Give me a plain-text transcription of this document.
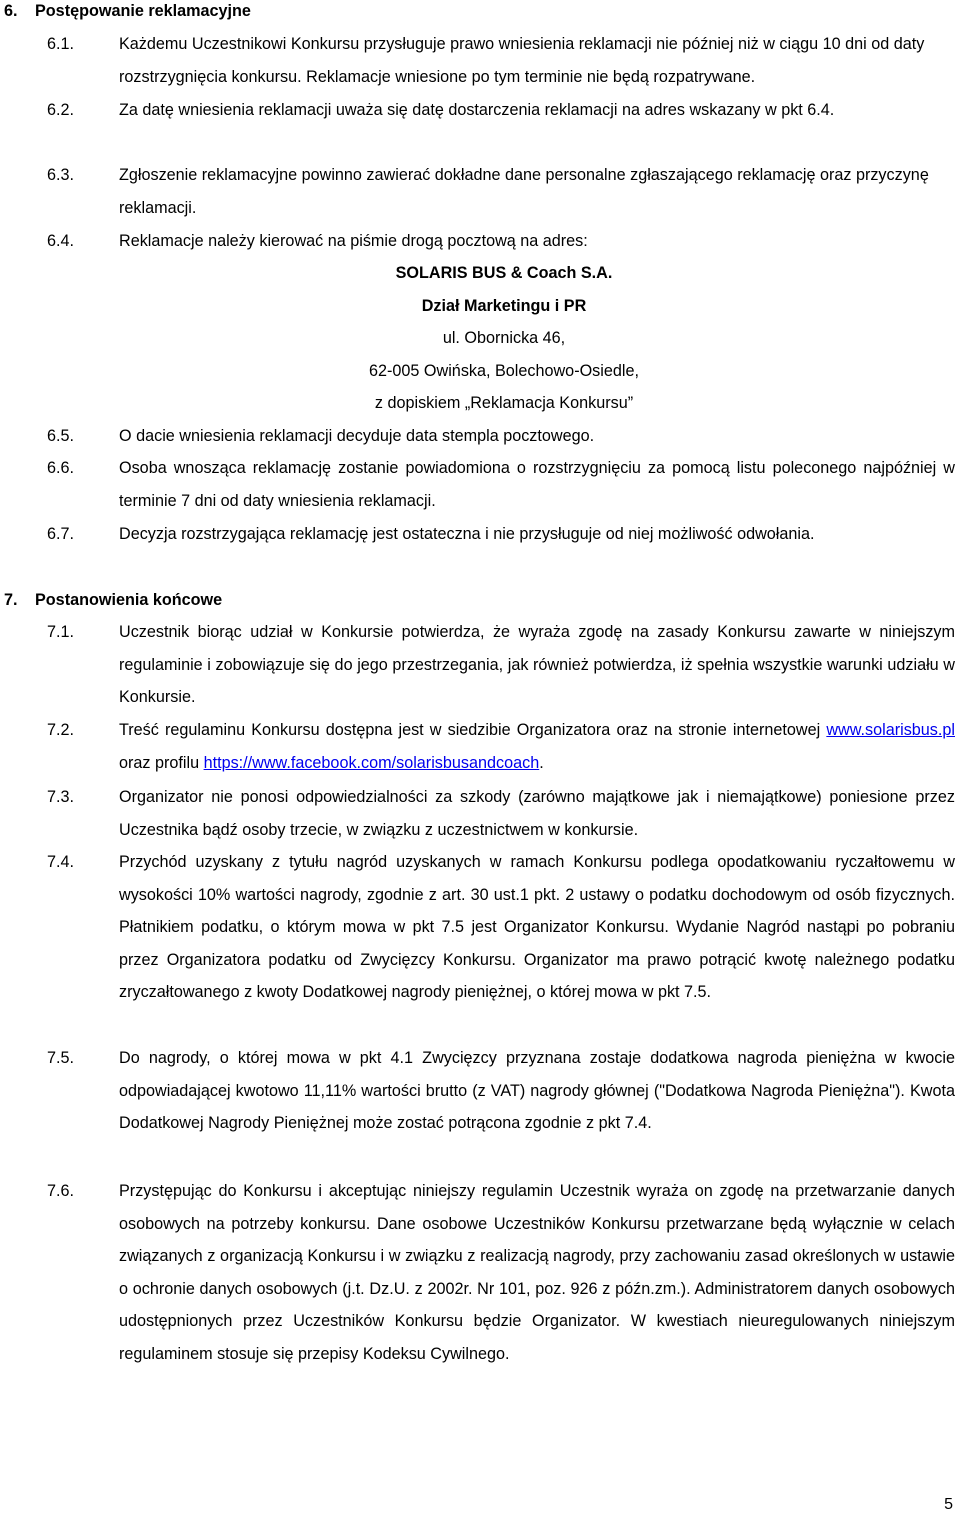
6. Postępowanie reklamacyjne
6.1.	Każdemu Uczestnikowi Konkursu przysługuje prawo wniesienia reklamacji nie później niż w ciągu 10 dni od daty rozstrzygnięcia konkursu. Reklamacje wniesione po tym terminie nie będą rozpatrywane.
6.2.	Za datę wniesienia reklamacji uważa się datę dostarczenia reklamacji na adres wskazany w pkt 6.4.
6.3.	Zgłoszenie reklamacyjne powinno zawierać dokładne dane personalne zgłaszającego reklamację oraz przyczynę reklamacji.
6.4.	Reklamacje należy kierować na piśmie drogą pocztową na adres:
SOLARIS BUS & Coach S.A.
Dział Marketingu i PR
ul. Obornicka 46,
62-005 Owińska, Bolechowo-Osiedle,
z dopiskiem „Reklamacja Konkursu”
6.5.	O dacie wniesienia reklamacji decyduje data stempla pocztowego.
6.6.	Osoba wnosząca reklamację zostanie powiadomiona o rozstrzygnięciu za pomocą listu poleconego najpóźniej w terminie 7 dni od daty wniesienia reklamacji.
6.7.	Decyzja rozstrzygająca reklamację jest ostateczna i nie przysługuje od niej możliwość odwołania.
7. Postanowienia końcowe
7.1.	Uczestnik biorąc udział w Konkursie potwierdza, że wyraża zgodę na zasady Konkursu zawarte w niniejszym regulaminie i zobowiązuje się do jego przestrzegania, jak również potwierdza, iż spełnia wszystkie warunki udziału w Konkursie.
7.2.	Treść regulaminu Konkursu dostępna jest w siedzibie Organizatora oraz na stronie internetowej www.solarisbus.pl oraz profilu https://www.facebook.com/solarisbusandcoach.
7.3.	Organizator nie ponosi odpowiedzialności za szkody (zarówno majątkowe jak i niemajątkowe) poniesione przez Uczestnika bądź osoby trzecie, w związku z uczestnictwem w konkursie.
7.4.	Przychód uzyskany z tytułu nagród uzyskanych w ramach Konkursu podlega opodatkowaniu ryczałtowemu w wysokości 10% wartości nagrody, zgodnie z art. 30 ust.1 pkt. 2 ustawy o podatku dochodowym od osób fizycznych. Płatnikiem podatku, o którym mowa w pkt 7.5 jest Organizator Konkursu. Wydanie Nagród nastąpi po pobraniu przez Organizatora podatku od Zwycięzcy Konkursu. Organizator ma prawo potrącić kwotę należnego podatku zryczałtowanego z kwoty Dodatkowej nagrody pieniężnej, o której mowa w pkt 7.5.
7.5.	Do nagrody, o której mowa w pkt 4.1 Zwycięzcy przyznana zostaje dodatkowa nagroda pieniężna w kwocie odpowiadającej kwotowo 11,11% wartości brutto (z VAT) nagrody głównej ("Dodatkowa Nagroda Pieniężna"). Kwota Dodatkowej Nagrody Pieniężnej może zostać potrącona zgodnie z pkt 7.4.
7.6.	Przystępując do Konkursu i akceptując niniejszy regulamin Uczestnik wyraża on zgodę na przetwarzanie danych osobowych na potrzeby konkursu. Dane osobowe Uczestników Konkursu przetwarzane będą wyłącznie w celach związanych z organizacją Konkursu i w związku z realizacją nagrody, przy zachowaniu zasad określonych w ustawie o ochronie danych osobowych (j.t. Dz.U. z 2002r. Nr 101, poz. 926 z późn.zm.). Administratorem danych osobowych udostępnionych przez Uczestników Konkursu będzie Organizator. W kwestiach nieuregulowanych niniejszym regulaminem stosuje się przepisy Kodeksu Cywilnego.
5
